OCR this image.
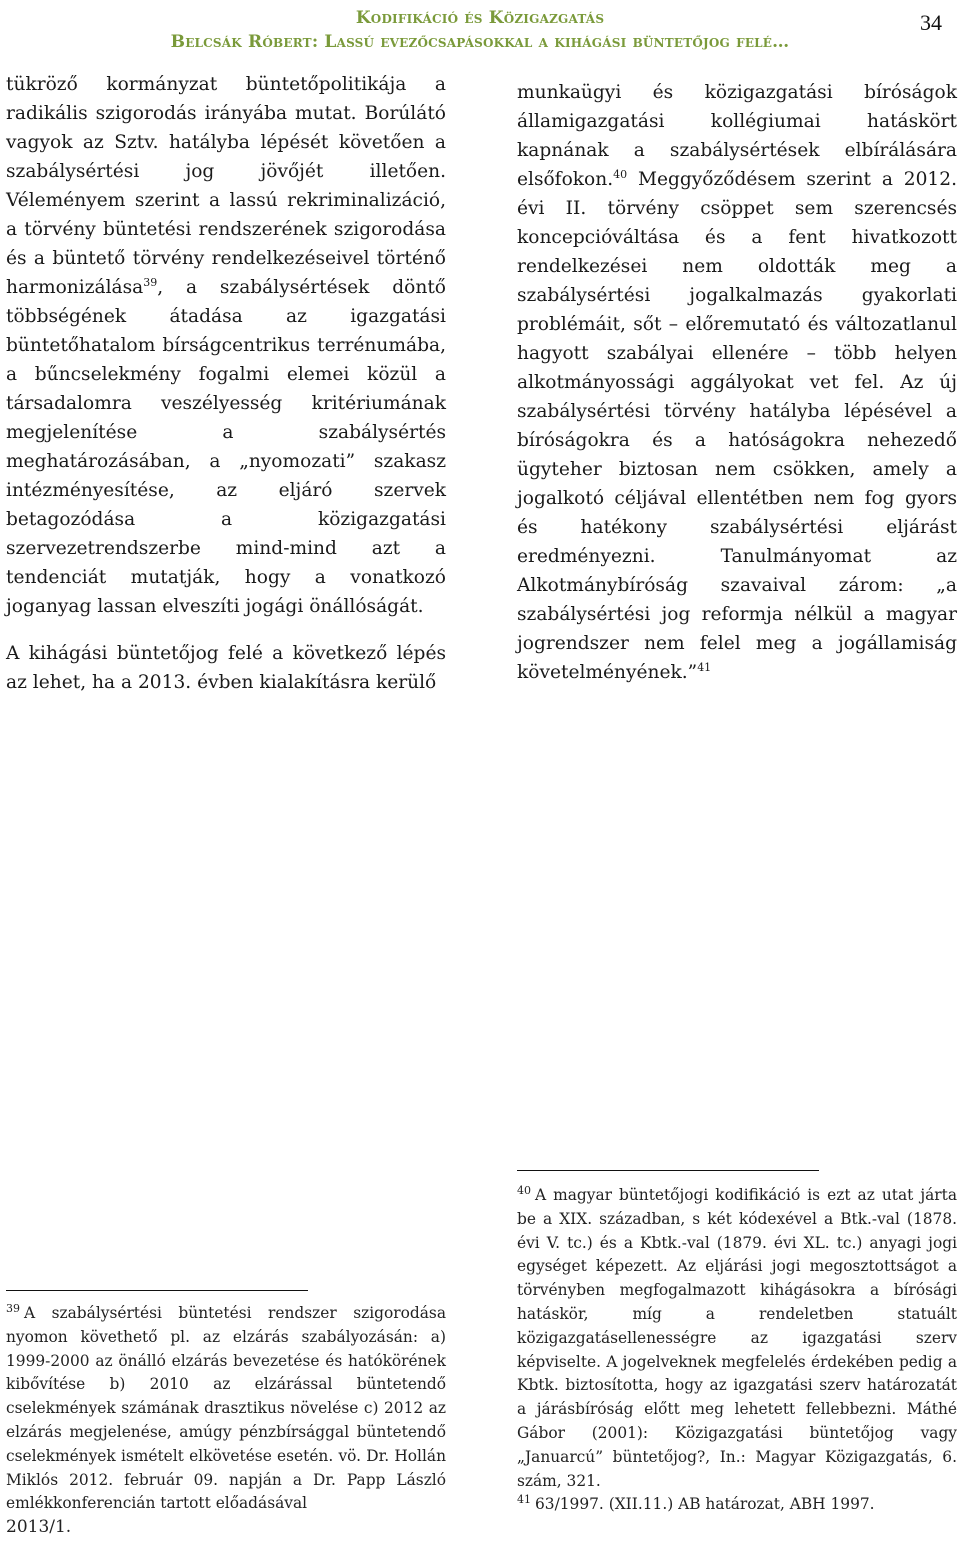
Kodifikáció és Közigazgatás
Belcsák Róbert: Lassú evezőcsapásokkal a kihágási büntetőjog felé…
34

tükröző kormányzat büntetőpolitikája a radikális szigorodás irányába mutat. Borúlátó vagyok az Sztv. hatályba lépését követően a szabálysértési jog jövőjét illetően. Véleményem szerint a lassú rekriminalizáció, a törvény büntetési rendszerének szigorodása és a büntető törvény rendelkezéseivel történő harmonizálása$^{39}$, a szabálysértések döntő többségének átadása az igazgatási büntetőhatalom bírságcentrikus terrénumába, a bűncselekmény fogalmi elemei közül a társadalomra veszélyesség kritériumának megjelenítése a szabálysértés meghatározásában, a „nyomozati” szakasz intézményesítése, az eljáró szervek betagozódása a közigazgatási szervezetrendszerbe mind-mind azt a tendenciát mutatják, hogy a vonatkozó joganyag lassan elveszíti jogági önállóságát.

A kihágási büntetőjog felé a következő lépés az lehet, ha a 2013. évben kialakításra kerülő

munkaügyi és közigazgatási bíróságok államigazgatási kollégiumai hatáskört kapnának a szabálysértések elbírálására elsőfokon.$^{40}$ Meggyőződésem szerint a 2012. évi II. törvény csöppet sem szerencsés koncepcióváltása és a fent hivatkozott rendelkezései nem oldották meg a szabálysértési jogalkalmazás gyakorlati problémáit, sőt – előremutató és változatlanul hagyott szabályai ellenére – több helyen alkotmányossági aggályokat vet fel. Az új szabálysértési törvény hatályba lépésével a bíróságokra és a hatóságokra nehezedő ügyteher biztosan nem csökken, amely a jogalkotó céljával ellentétben nem fog gyors és hatékony szabálysértési eljárást eredményezni. Tanulmányomat az Alkotmánybíróság szavaival zárom: „a szabálysértési jog reformja nélkül a magyar jogrendszer nem felel meg a jogállamiság követelményének.”$^{41}$

$^{40}$ A magyar büntetőjogi kodifikáció is ezt az utat járta be a XIX. században, s két kódexével a Btk.-val (1878. évi V. tc.) és a Kbtk.-val (1879. évi XL. tc.) anyagi jogi egységet képezett. Az eljárási jogi megosztottságot a törvényben megfogalmazott kihágásokra a bírósági hatáskör, míg a rendeletben statuált közigazgatásellenességre az igazgatási szerv képviselte. A jogelveknek megfelelés érdekében pedig a Kbtk. biztosította, hogy az igazgatási szerv határozatát a járásbíróság előtt meg lehetett fellebbezni. Máthé Gábor (2001): Közigazgatási büntetőjog vagy „Januarcú” büntetőjog?, In.: Magyar Közigazgatás, 6. szám, 321.

$^{41}$ 63/1997. (XII.11.) AB határozat, ABH 1997.

$^{39}$ A szabálysértési büntetési rendszer szigorodása nyomon követhető pl. az elzárás szabályozásán: a) 1999-2000 az önálló elzárás bevezetése és hatókörének kibővítése b) 2010 az elzárással büntetendő cselekmények számának drasztikus növelése c) 2012 az elzárás megjelenése, amúgy pénzbírsággal büntetendő cselekmények ismételt elkövetése esetén. vö. Dr. Hollán Miklós 2012. február 09. napján a Dr. Papp László emlékkonferencián tartott előadásával
2013/1.
